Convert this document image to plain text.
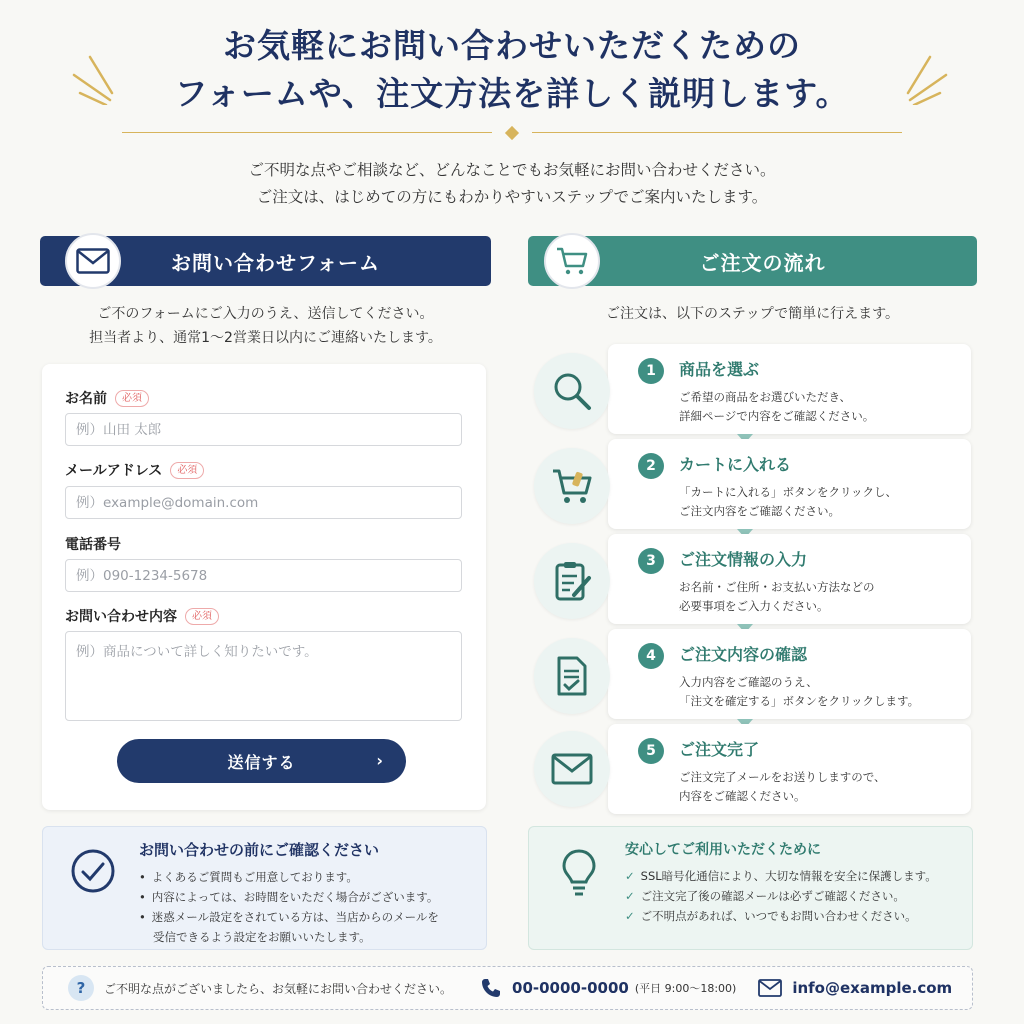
お気軽にお問い合わせいただくための
フォームや、注文方法を詳しく説明します。
ご不明な点やご相談など、どんなことでもお気軽にお問い合わせください。
ご注文は、はじめての方にもわかりやすいステップでご案内いたします。
お問い合わせフォーム
ご不のフォームにご入力のうえ、送信してください。
担当者より、通常1〜2営業日以内にご連絡いたします。
お名前	必須
例）山田 太郎
メールアドレス	必須
例）example@domain.com
電話番号
例）090-1234-5678
お問い合わせ内容	必須
例）商品について詳しく知りたいです。
送信する	›
ご注文の流れ
ご注文は、以下のステップで簡単に行えます。
1	商品を選ぶ
ご希望の商品をお選びいただき、
詳細ページで内容をご確認ください。
2	カートに入れる
「カートに入れる」ボタンをクリックし、
ご注文内容をご確認ください。
3	ご注文情報の入力
お名前・ご住所・お支払い方法などの
必要事項をご入力ください。
4	ご注文内容の確認
入力内容をご確認のうえ、
「注文を確定する」ボタンをクリックします。
5	ご注文完了
ご注文完了メールをお送りしますので、
内容をご確認ください。
お問い合わせの前にご確認ください
• よくあるご質問もご用意しております。
• 内容によっては、お時間をいただく場合がございます。
• 迷惑メール設定をされている方は、当店からのメールを
受信できるよう設定をお願いいたします。
安心してご利用いただくために
✓ SSL暗号化通信により、大切な情報を安全に保護します。
✓ ご注文完了後の確認メールは必ずご確認ください。
✓ ご不明点があれば、いつでもお問い合わせください。
?	ご不明な点がございましたら、お気軽にお問い合わせください。	00-0000-0000 (平日 9:00〜18:00)	info@example.com
